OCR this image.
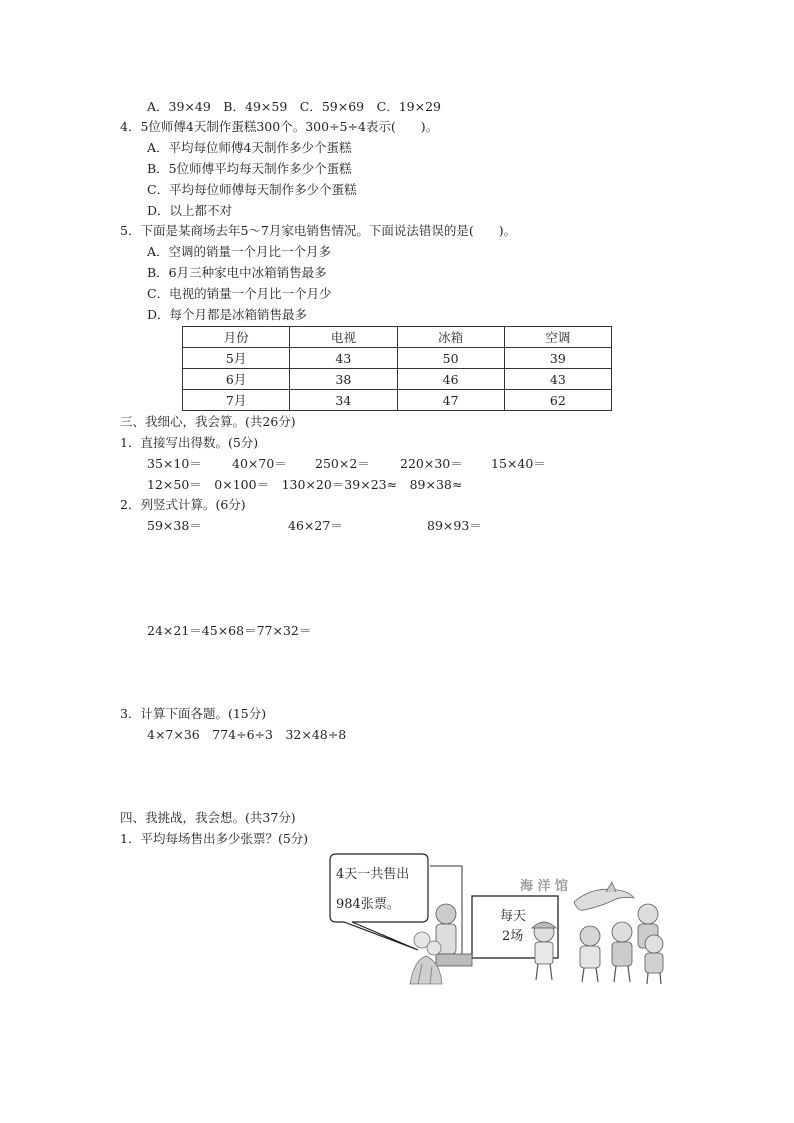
A．39×49　B．49×59　C．59×69　C．19×29
4．5位师傅4天制作蛋糕300个。300÷5÷4表示(　　)。
A．平均每位师傅4天制作多少个蛋糕
B．5位师傅平均每天制作多少个蛋糕
C．平均每位师傅每天制作多少个蛋糕
D．以上都不对
5．下面是某商场去年5～7月家电销售情况。下面说法错误的是(　　)。
A．空调的销量一个月比一个月多
B．6月三种家电中冰箱销售最多
C．电视的销量一个月比一个月少
D．每个月都是冰箱销售最多
月份	电视	冰箱	空调
5月	43	50	39
6月	38	46	43
7月	34	47	62
三、我细心，我会算。(共26分)
1．直接写出得数。(5分)

35×10＝

40×70＝

250×2＝

220×30＝

15×40＝

12×50＝　0×100＝　130×20＝39×23≈　89×38≈
2．列竖式计算。(6分)

59×38＝

	46×27＝

	89×93＝

24×21＝45×68＝77×32＝
3．计算下面各题。(15分)
4×7×36　774÷6÷3　32×48÷8
四、我挑战，我会想。(共37分)
1．平均每场售出多少张票？(5分)
4天一共售出
984张票。
海 洋 馆
每天
2场
